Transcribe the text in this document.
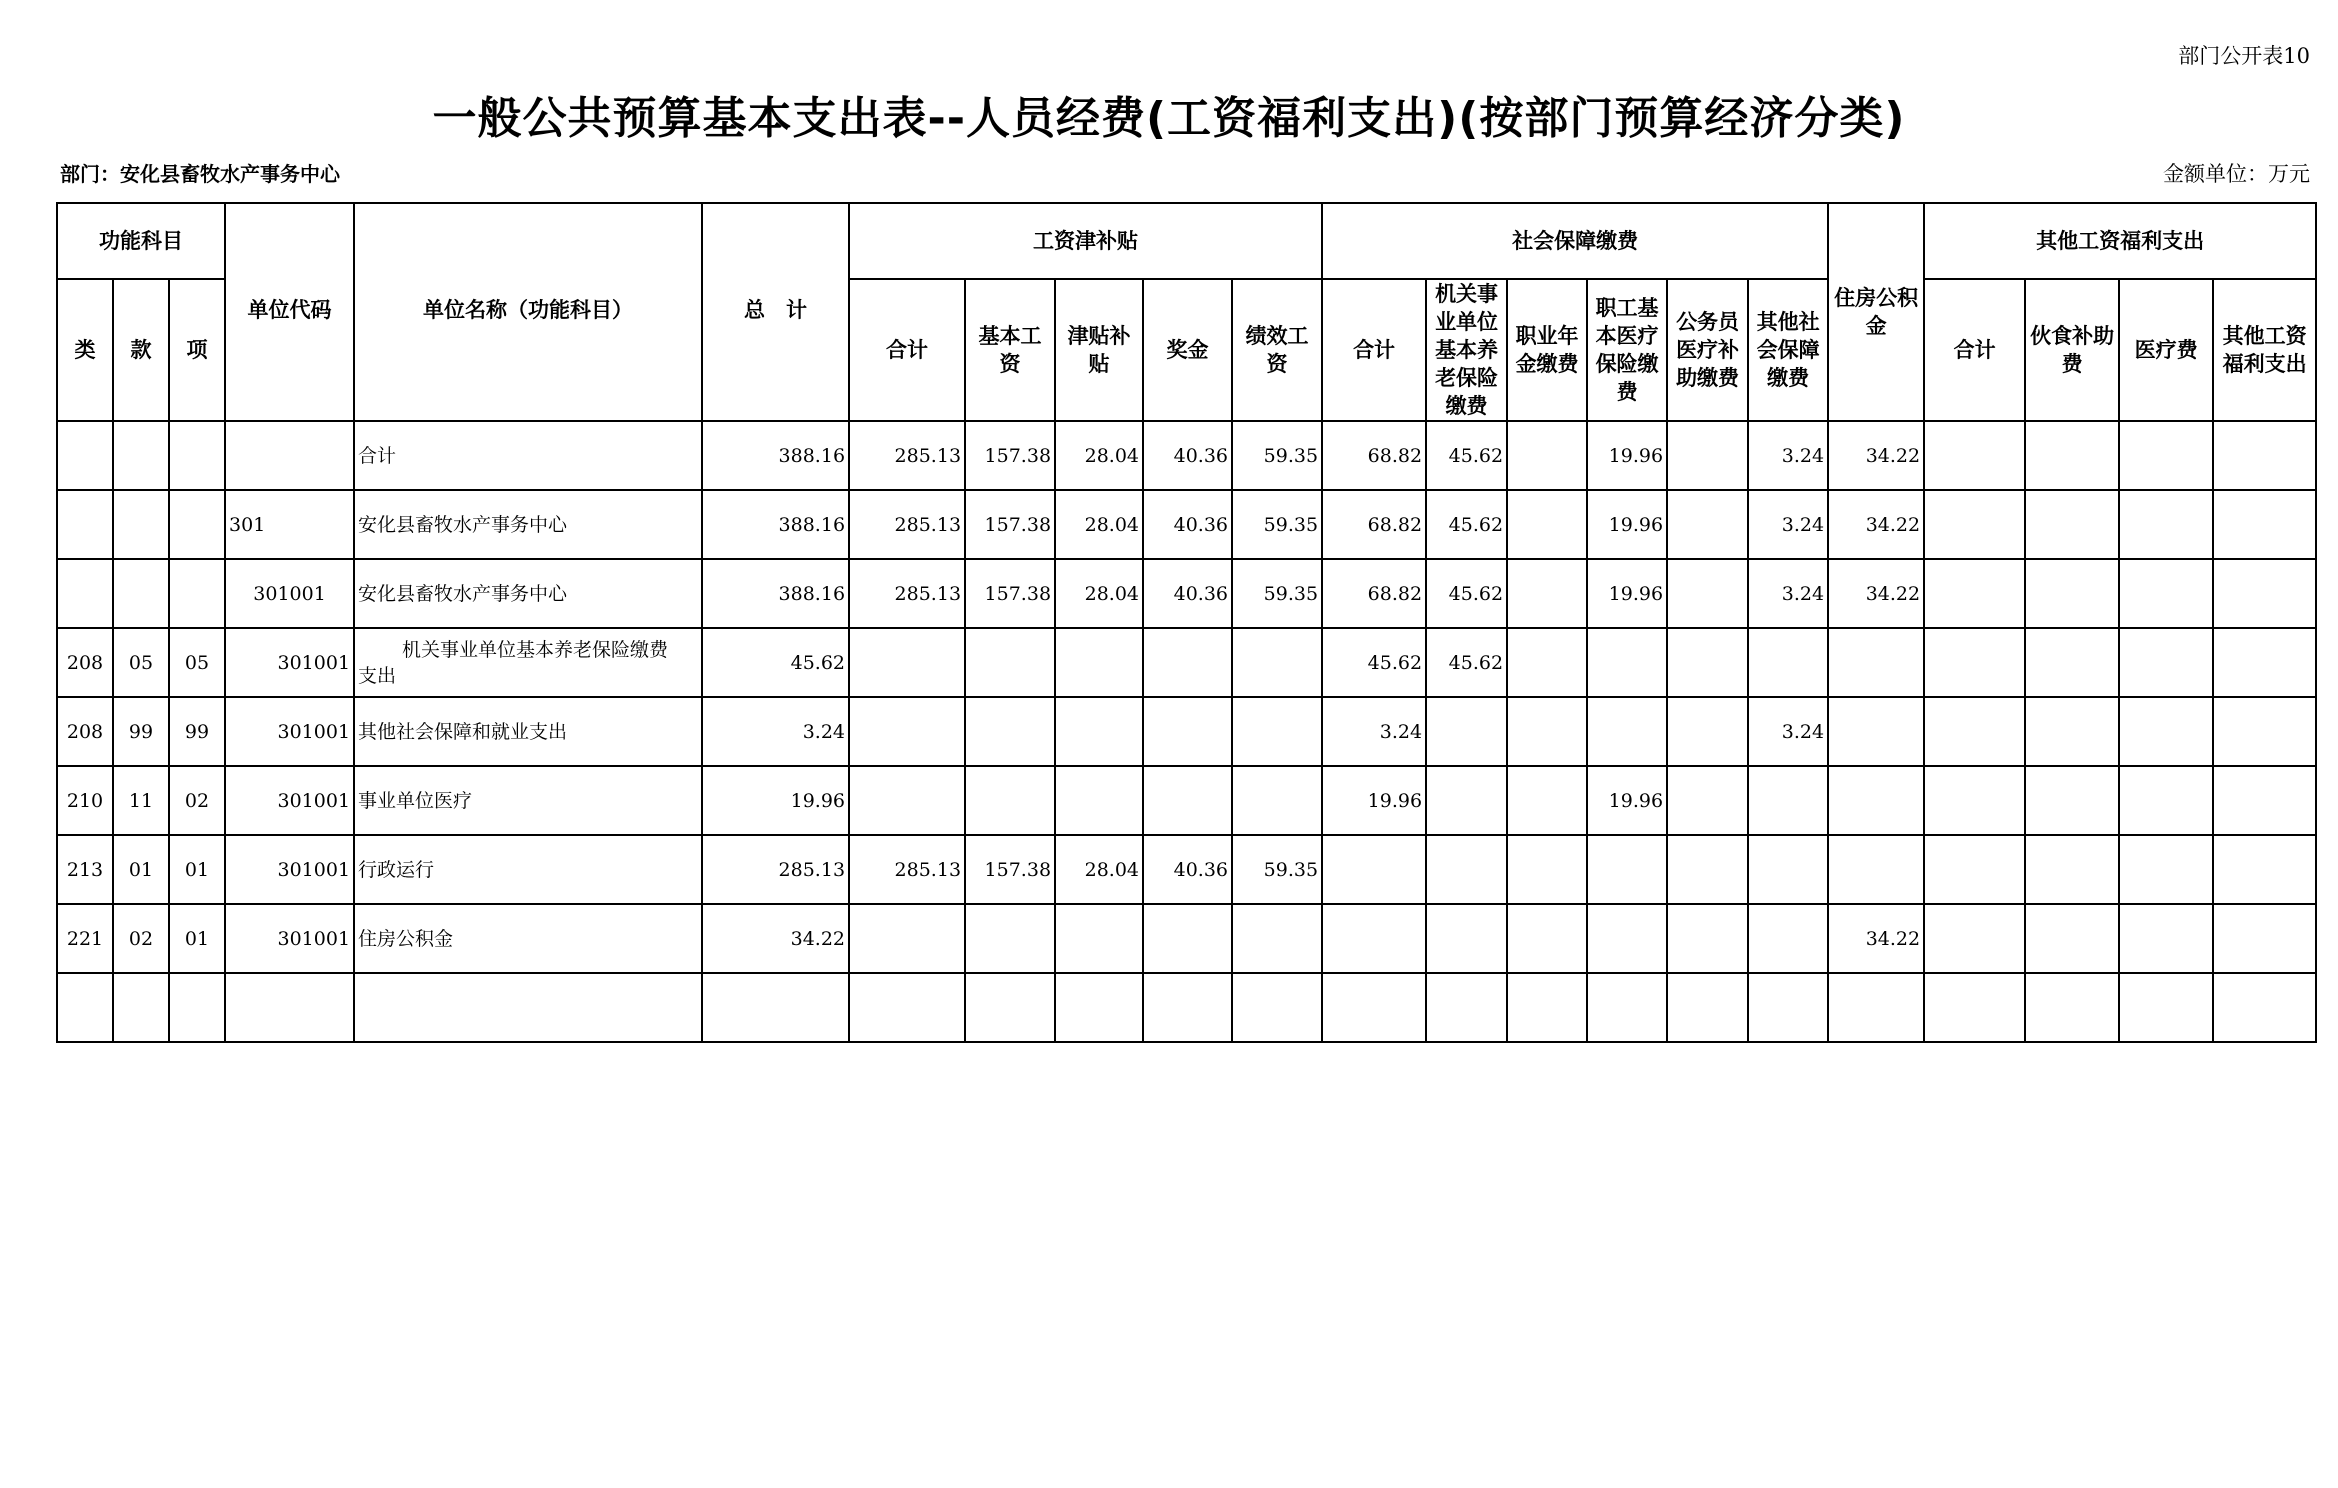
部门公开表10
一般公共预算基本支出表--人员经费(工资福利支出)(按部门预算经济分类)
部门：安化县畜牧水产事务中心	金额单位：万元
功能科目			单位代码	单位名称（功能科目）	总　计	工资津补贴					社会保障缴费						住房公积金	其他工资福利支出			
类	款	项				合计	基本工资	津贴补贴	奖金	绩效工资	合计	机关事业单位基本养老保险缴费	职业年金缴费	职工基本医疗保险缴费	公务员医疗补助缴费	其他社会保障缴费		合计	伙食补助费	医疗费	其他工资福利支出
				合计	388.16	285.13	157.38	28.04	40.36	59.35	68.82	45.62		19.96		3.24	34.22				
			301	安化县畜牧水产事务中心	388.16	285.13	157.38	28.04	40.36	59.35	68.82	45.62		19.96		3.24	34.22				
			301001	安化县畜牧水产事务中心	388.16	285.13	157.38	28.04	40.36	59.35	68.82	45.62		19.96		3.24	34.22				
208	05	05	301001	机关事业单位基本养老保险缴费
支出	45.62						45.62	45.62									
208	99	99	301001	其他社会保障和就业支出	3.24						3.24					3.24					
210	11	02	301001	事业单位医疗	19.96						19.96			19.96							
213	01	01	301001	行政运行	285.13	285.13	157.38	28.04	40.36	59.35											
221	02	01	301001	住房公积金	34.22												34.22				
